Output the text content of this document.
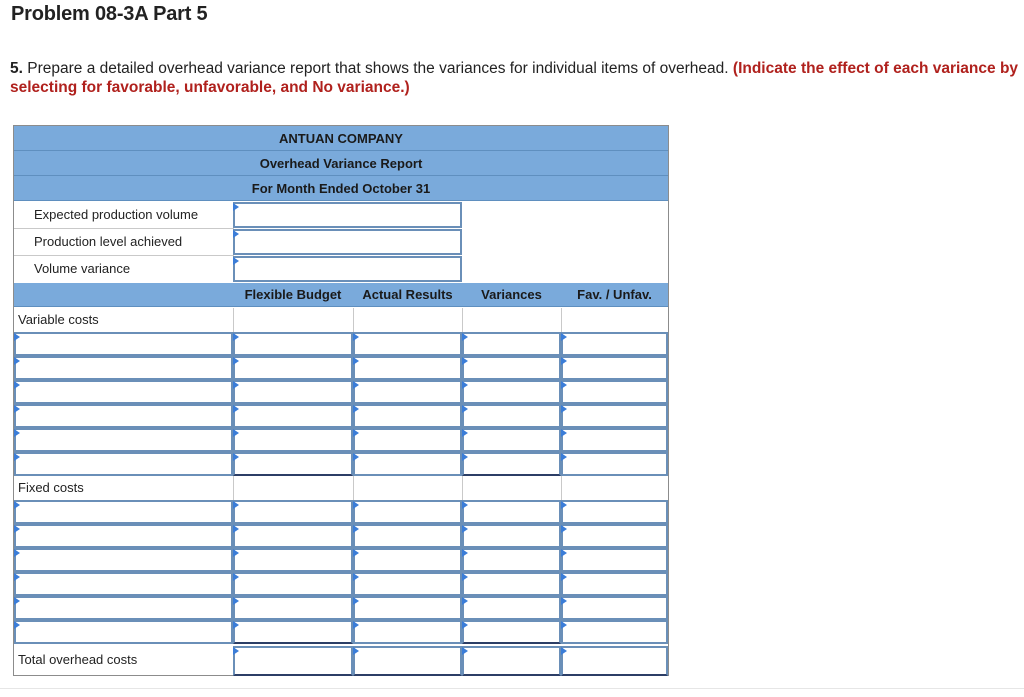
Problem 08-3A Part 5
5. Prepare a detailed overhead variance report that shows the variances for individual items of overhead. (Indicate the effect of each variance by selecting for favorable, unfavorable, and No variance.)
ANTUAN COMPANY
Overhead Variance Report
For Month Ended October 31
Expected production volume
Production level achieved
Volume variance
Flexible Budget	Actual Results	Variances	Fav. / Unfav.
Variable costs
Fixed costs
Total overhead costs
